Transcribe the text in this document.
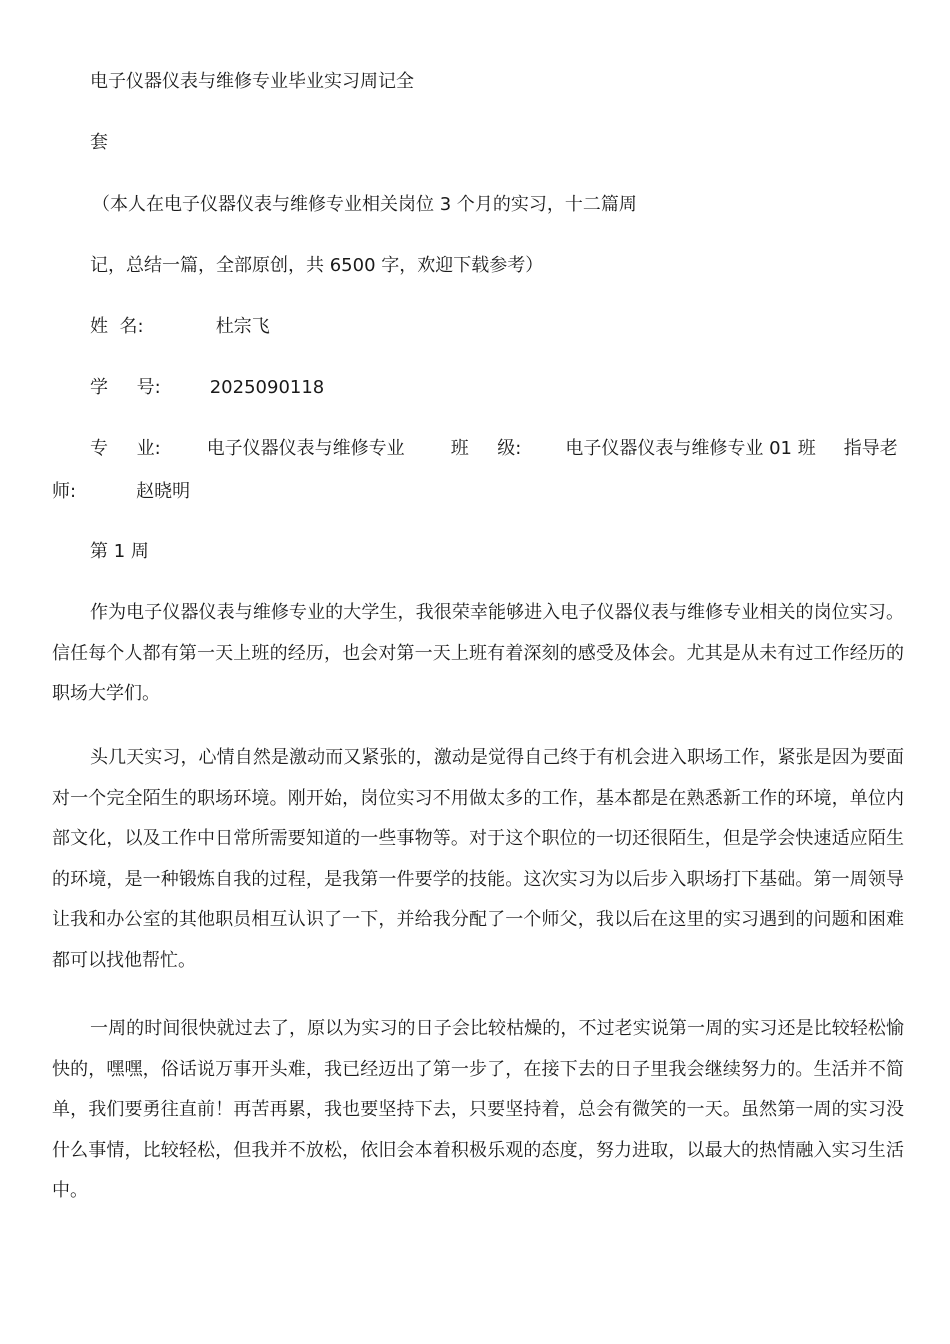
电子仪器仪表与维修专业毕业实习周记全
套
（本人在电子仪器仪表与维修专业相关岗位 3 个月的实习，十二篇周
记，总结一篇，全部原创，共 6500 字，欢迎下载参考）
姓  名:	杜宗飞
学     号:	2025090118
专     业:	电子仪器仪表与维修专业	班     级: 电子仪器仪表与维修专业 01 班 指导老师:	赵晓明
第 1 周

作为电子仪器仪表与维修专业的大学生，我很荣幸能够进入电子仪器仪表与维修专业相关的岗位实习。信任每个人都有第一天上班的经历，也会对第一天上班有着深刻的感受及体会。尤其是从未有过工作经历的职场大学们。

头几天实习，心情自然是激动而又紧张的，激动是觉得自己终于有机会进入职场工作，紧张是因为要面对一个完全陌生的职场环境。刚开始，岗位实习不用做太多的工作，基本都是在熟悉新工作的环境，单位内部文化，以及工作中日常所需要知道的一些事物等。对于这个职位的一切还很陌生，但是学会快速适应陌生的环境，是一种锻炼自我的过程，是我第一件要学的技能。这次实习为以后步入职场打下基础。第一周领导让我和办公室的其他职员相互认识了一下，并给我分配了一个师父，我以后在这里的实习遇到的问题和困难都可以找他帮忙。

一周的时间很快就过去了，原以为实习的日子会比较枯燥的，不过老实说第一周的实习还是比较轻松愉快的，嘿嘿，俗话说万事开头难，我已经迈出了第一步了，在接下去的日子里我会继续努力的。生活并不简单，我们要勇往直前！再苦再累，我也要坚持下去，只要坚持着，总会有微笑的一天。虽然第一周的实习没什么事情，比较轻松，但我并不放松，依旧会本着积极乐观的态度，努力进取，以最大的热情融入实习生活中。
